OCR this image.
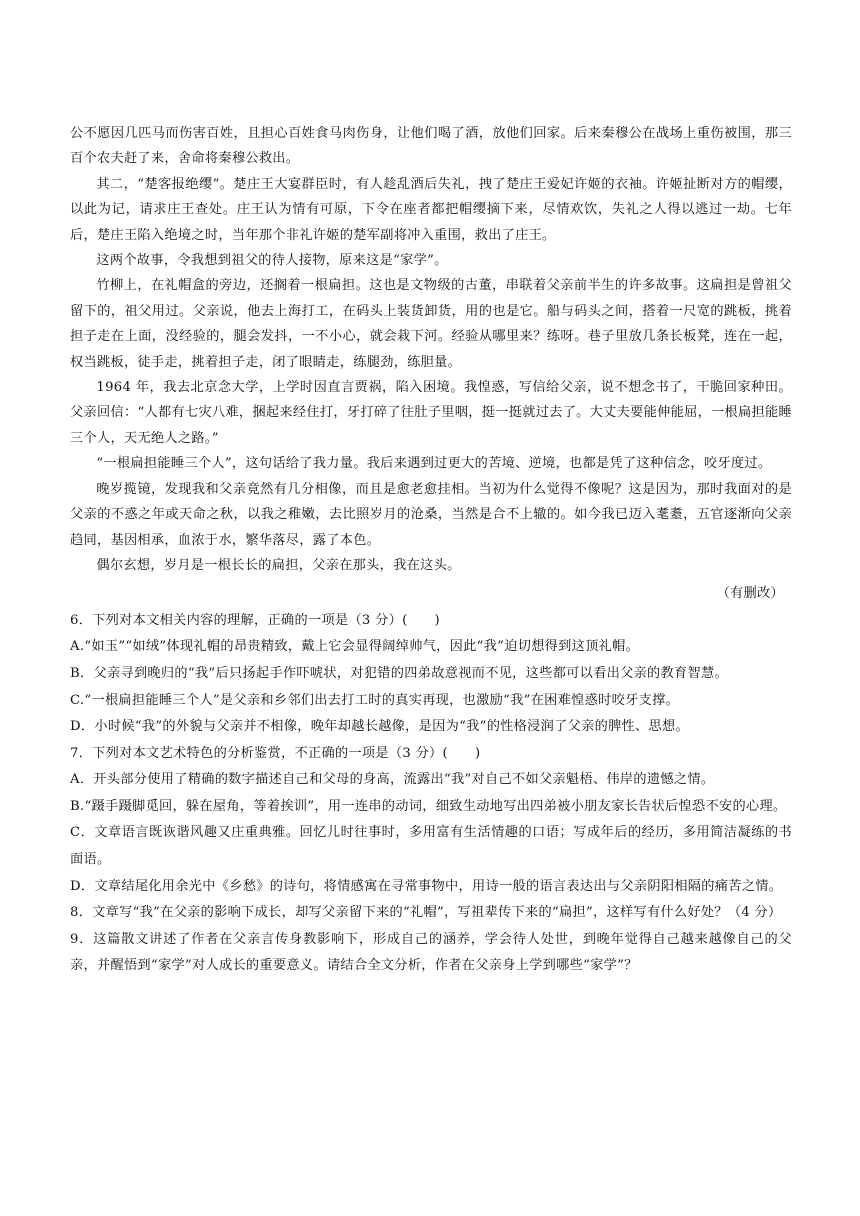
公不愿因几匹马而伤害百姓，且担心百姓食马肉伤身，让他们喝了酒，放他们回家。后来秦穆公在战场上重伤被围，那三百个农夫赶了来，舍命将秦穆公救出。

其二，“楚客报绝缨”。楚庄王大宴群臣时，有人趁乱酒后失礼，拽了楚庄王爱妃许姬的衣袖。许姬扯断对方的帽缨，以此为记，请求庄王查处。庄王认为情有可原，下令在座者都把帽缨摘下来，尽情欢饮，失礼之人得以逃过一劫。七年后，楚庄王陷入绝境之时，当年那个非礼许姬的楚军副将冲入重围，救出了庄王。

这两个故事，令我想到祖父的待人接物，原来这是“家学”。

竹柳上，在礼帽盒的旁边，还搁着一根扁担。这也是文物级的古董，串联着父亲前半生的许多故事。这扁担是曾祖父留下的，祖父用过。父亲说，他去上海打工，在码头上装货卸货，用的也是它。船与码头之间，搭着一尺宽的跳板，挑着担子走在上面，没经验的，腿会发抖，一不小心，就会栽下河。经验从哪里来？练呀。巷子里放几条长板凳，连在一起，权当跳板，徒手走，挑着担子走，闭了眼睛走，练腿劲，练胆量。

1964 年，我去北京念大学，上学时因直言贾祸，陷入困境。我惶惑，写信给父亲，说不想念书了，干脆回家种田。父亲回信：“人都有七灾八难，捆起来经住打，牙打碎了往肚子里咽，挺一挺就过去了。大丈夫要能伸能屈，一根扁担能睡三个人，天无绝人之路。”

“一根扁担能睡三个人”，这句话给了我力量。我后来遇到过更大的苦境、逆境，也都是凭了这种信念，咬牙度过。

晚岁揽镜，发现我和父亲竟然有几分相像，而且是愈老愈挂相。当初为什么觉得不像呢？这是因为，那时我面对的是父亲的不惑之年或天命之秋，以我之稚嫩，去比照岁月的沧桑，当然是合不上辙的。如今我已迈入耄耋，五官逐渐向父亲趋同，基因相承，血浓于水，繁华落尽，露了本色。

偶尔玄想，岁月是一根长长的扁担，父亲在那头，我在这头。

（有删改）

6．下列对本文相关内容的理解，正确的一项是（3 分）(　　)

A.“如玉”“如绒”体现礼帽的昂贵精致，戴上它会显得阔绰帅气，因此“我”迫切想得到这顶礼帽。

B．父亲寻到晚归的“我”后只扬起手作吓唬状，对犯错的四弟故意视而不见，这些都可以看出父亲的教育智慧。

C.“一根扁担能睡三个人”是父亲和乡邻们出去打工时的真实再现，也激励“我”在困难惶惑时咬牙支撑。

D．小时候“我”的外貌与父亲并不相像，晚年却越长越像，是因为“我”的性格浸润了父亲的脾性、思想。

7．下列对本文艺术特色的分析鉴赏，不正确的一项是（3 分）(　　)

A．开头部分使用了精确的数字描述自己和父母的身高，流露出“我”对自己不如父亲魁梧、伟岸的遗憾之情。

B.“蹑手蹑脚觅回，躲在屋角，等着挨训”，用一连串的动词，细致生动地写出四弟被小朋友家长告状后惶恐不安的心理。

C．文章语言既诙谐风趣又庄重典雅。回忆儿时往事时，多用富有生活情趣的口语；写成年后的经历，多用简洁凝练的书面语。

D．文章结尾化用余光中《乡愁》的诗句，将情感寓在寻常事物中，用诗一般的语言表达出与父亲阴阳相隔的痛苦之情。

8．文章写“我”在父亲的影响下成长，却写父亲留下来的“礼帽”，写祖辈传下来的“扁担”，这样写有什么好处？（4 分）

9．这篇散文讲述了作者在父亲言传身教影响下，形成自己的涵养，学会待人处世，到晚年觉得自己越来越像自己的父亲，并醒悟到“家学”对人成长的重要意义。请结合全文分析，作者在父亲身上学到哪些“家学”？
